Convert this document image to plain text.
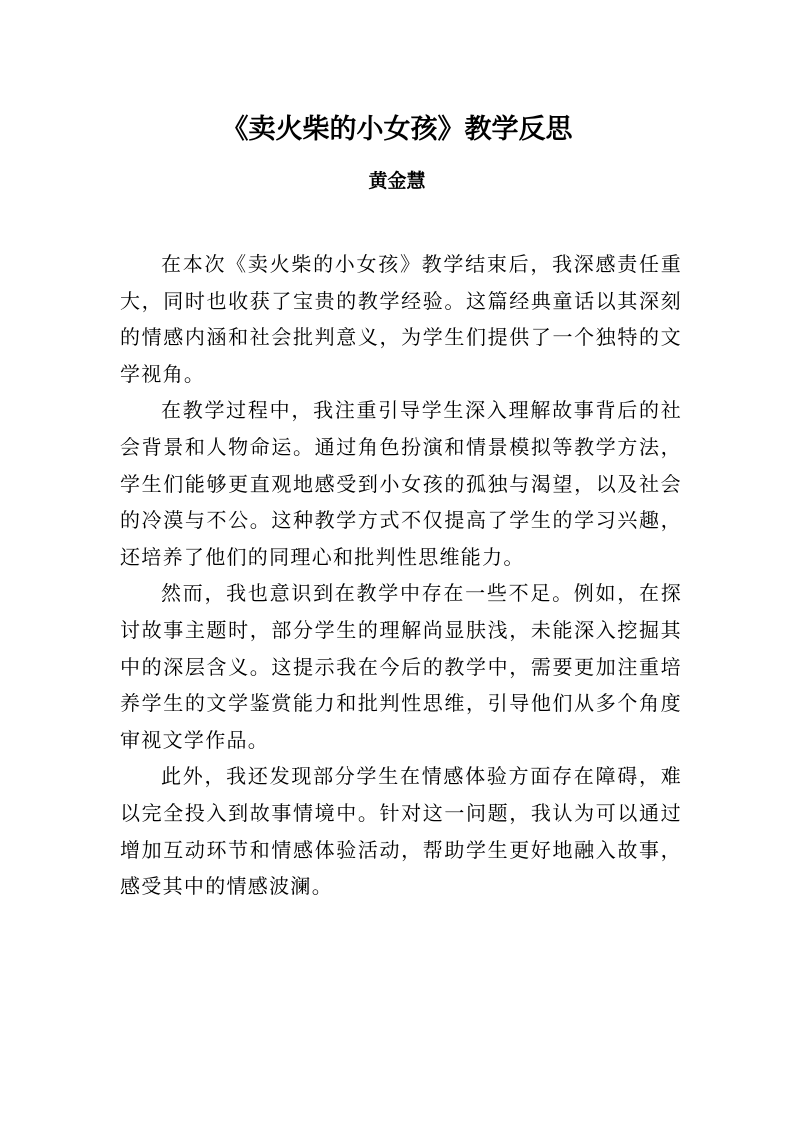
《卖火柴的小女孩》教学反思
黄金慧

在本次《卖火柴的小女孩》教学结束后，我深感责任重大，同时也收获了宝贵的教学经验。这篇经典童话以其深刻的情感内涵和社会批判意义，为学生们提供了一个独特的文学视角。

在教学过程中，我注重引导学生深入理解故事背后的社会背景和人物命运。通过角色扮演和情景模拟等教学方法，学生们能够更直观地感受到小女孩的孤独与渴望，以及社会的冷漠与不公。这种教学方式不仅提高了学生的学习兴趣，还培养了他们的同理心和批判性思维能力。

然而，我也意识到在教学中存在一些不足。例如，在探讨故事主题时，部分学生的理解尚显肤浅，未能深入挖掘其中的深层含义。这提示我在今后的教学中，需要更加注重培养学生的文学鉴赏能力和批判性思维，引导他们从多个角度审视文学作品。

此外，我还发现部分学生在情感体验方面存在障碍，难以完全投入到故事情境中。针对这一问题，我认为可以通过增加互动环节和情感体验活动，帮助学生更好地融入故事，感受其中的情感波澜。
